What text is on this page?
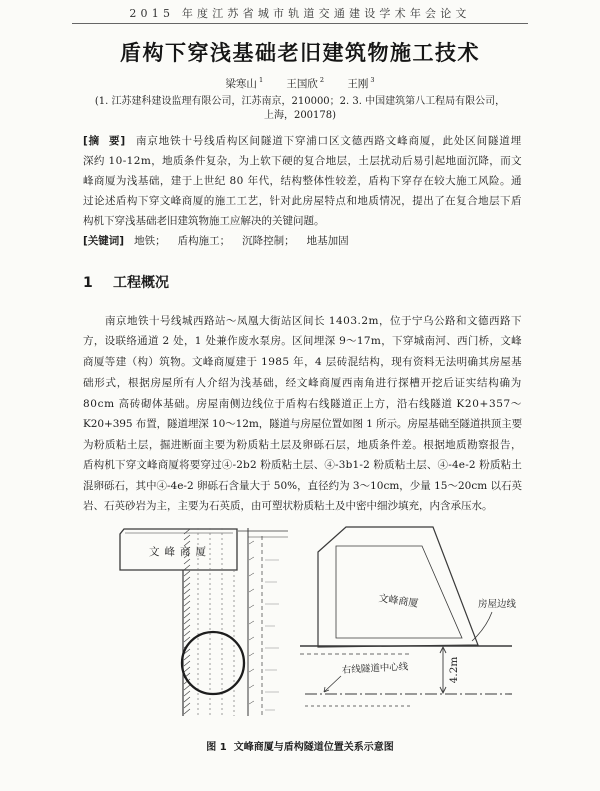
2015 年度江苏省城市轨道交通建设学术年会论文
盾构下穿浅基础老旧建筑物施工技术
梁寒山 $^1$ 王国欣 $^2$ 王刚 $^3$
(1. 江苏建科建设监理有限公司，江苏南京，210000；2. 3. 中国建筑第八工程局有限公司，
上海，200178)
[摘  要] 南京地铁十号线盾构区间隧道下穿浦口区文德西路文峰商厦，此处区间隧道埋
深约 10-12m，地质条件复杂，为上软下硬的复合地层，土层扰动后易引起地面沉降，而文
峰商厦为浅基础，建于上世纪 80 年代，结构整体性较差，盾构下穿存在较大施工风险。通
过论述盾构下穿文峰商厦的施工工艺，针对此房屋特点和地质情况，提出了在复合地层下盾
构机下穿浅基础老旧建筑物施工应解决的关键问题。
[关键词] 地铁； 盾构施工； 沉降控制； 地基加固
1 工程概况
南京地铁十号线城西路站～凤凰大街站区间长 1403.2m，位于宁乌公路和文德西路下
方，设联络通道 2 处，1 处兼作废水泵房。区间埋深 9～17m，下穿城南河、西门桥，文峰
商厦等建（构）筑物。文峰商厦建于 1985 年，4 层砖混结构，现有资料无法明确其房屋基
础形式，根据房屋所有人介绍为浅基础，经文峰商厦西南角进行探槽开挖后证实结构确为
80cm 高砖砌体基础。房屋南侧边线位于盾构右线隧道正上方，沿右线隧道 K20+357～
K20+395 布置，隧道埋深 10～12m，隧道与房屋位置如图 1 所示。房屋基础至隧道拱顶主要
为粉质粘土层，掘进断面主要为粉质粘土层及卵砾石层，地质条件差。根据地质勘察报告，
盾构机下穿文峰商厦将要穿过④-2b2 粉质粘土层、④-3b1-2 粉质粘土层、④-4e-2 粉质粘土
混卵砾石，其中④-4e-2 卵砾石含量大于 50%，直径约为 3～10cm，少量 15～20cm 以石英
岩、石英砂岩为主，主要为石英质，由可塑状粉质粘土及中密中细沙填充，内含承压水。
文峰商厦
文峰商厦	房屋边线
右线隧道中心线	4.2m
图 1  文峰商厦与盾构隧道位置关系示意图
